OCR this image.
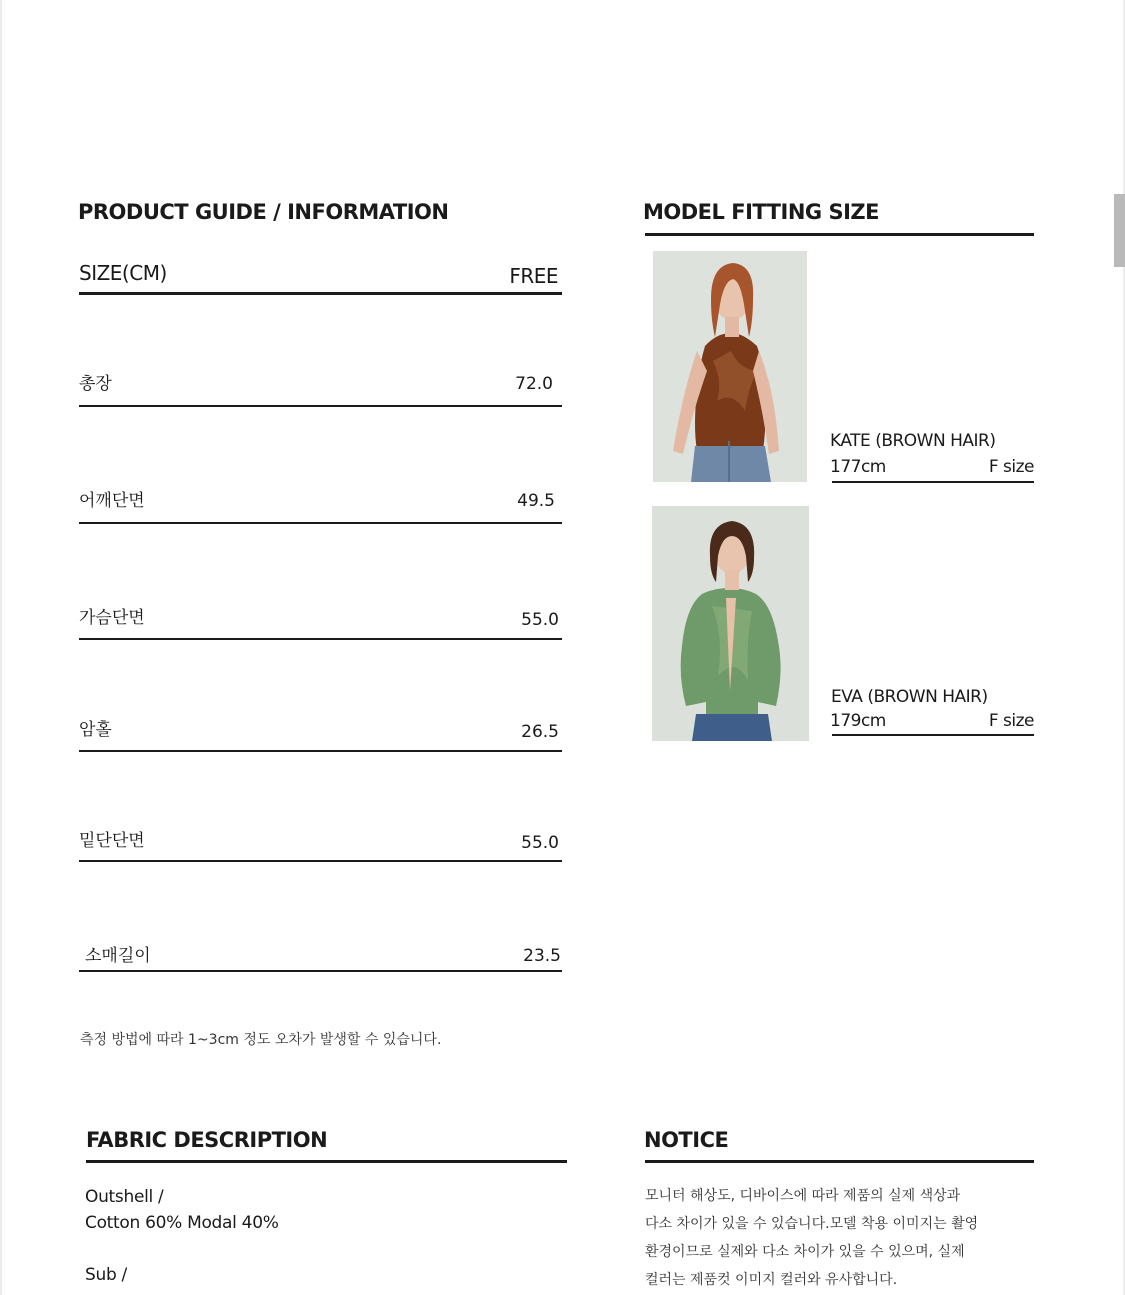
PRODUCT GUIDE / INFORMATION
SIZE(CM)	FREE
총장	72.0
어깨단면	49.5
가슴단면	55.0
암홀	26.5
밑단단면	55.0
소매길이	23.5
측정 방법에 따라 1~3cm 정도 오차가 발생할 수 있습니다.
MODEL FITTING SIZE
KATE (BROWN HAIR)
177cm	F size
EVA (BROWN HAIR)
179cm	F size
FABRIC DESCRIPTION
Outshell /
Cotton 60% Modal 40%
Sub /
NOTICE

모니터 해상도, 디바이스에 따라 제품의 실제 색상과
다소 차이가 있을 수 있습니다.모델 착용 이미지는 촬영
환경이므로 실제와 다소 차이가 있을 수 있으며, 실제
컬러는 제품컷 이미지 컬러와 유사합니다.
